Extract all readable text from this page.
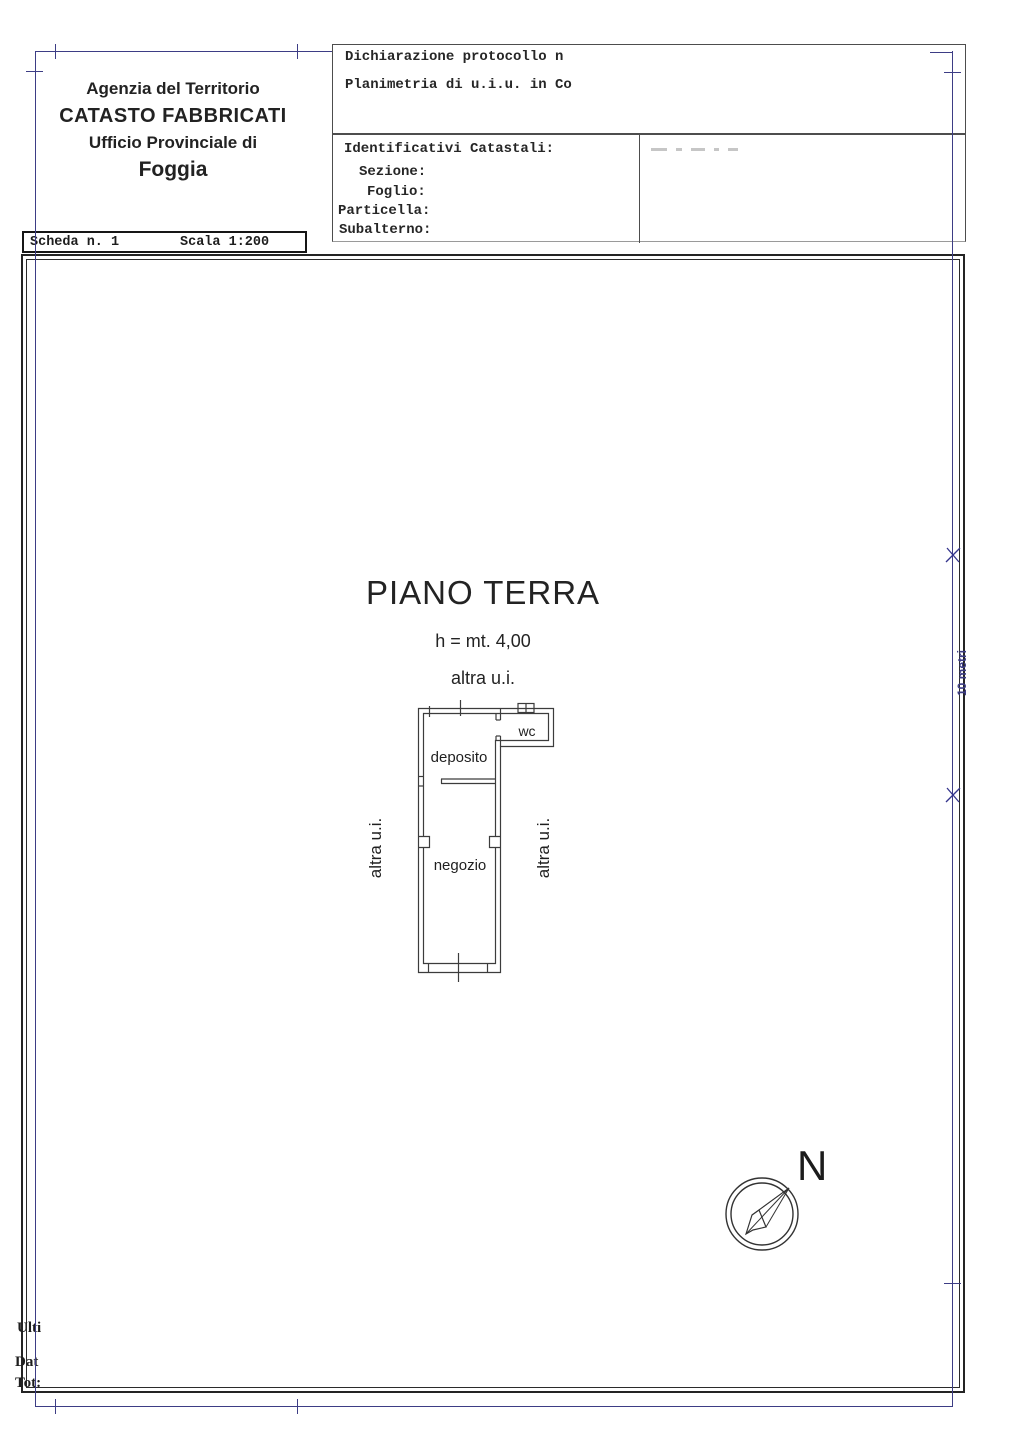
Agenzia del Territorio
CATASTO FABBRICATI
Ufficio Provinciale di
Foggia
Dichiarazione protocollo n
Planimetria di u.i.u. in Co
Identificativi Catastali:
Sezione:
Foglio:
Particella:
Subalterno:
Scheda n. 1	Scala 1:200
PIANO TERRA
h = mt. 4,00
altra u.i.
deposito
wc
negozio
altra u.i.	altra u.i.
10 metri
N
Ulti
Dat
Tot:
